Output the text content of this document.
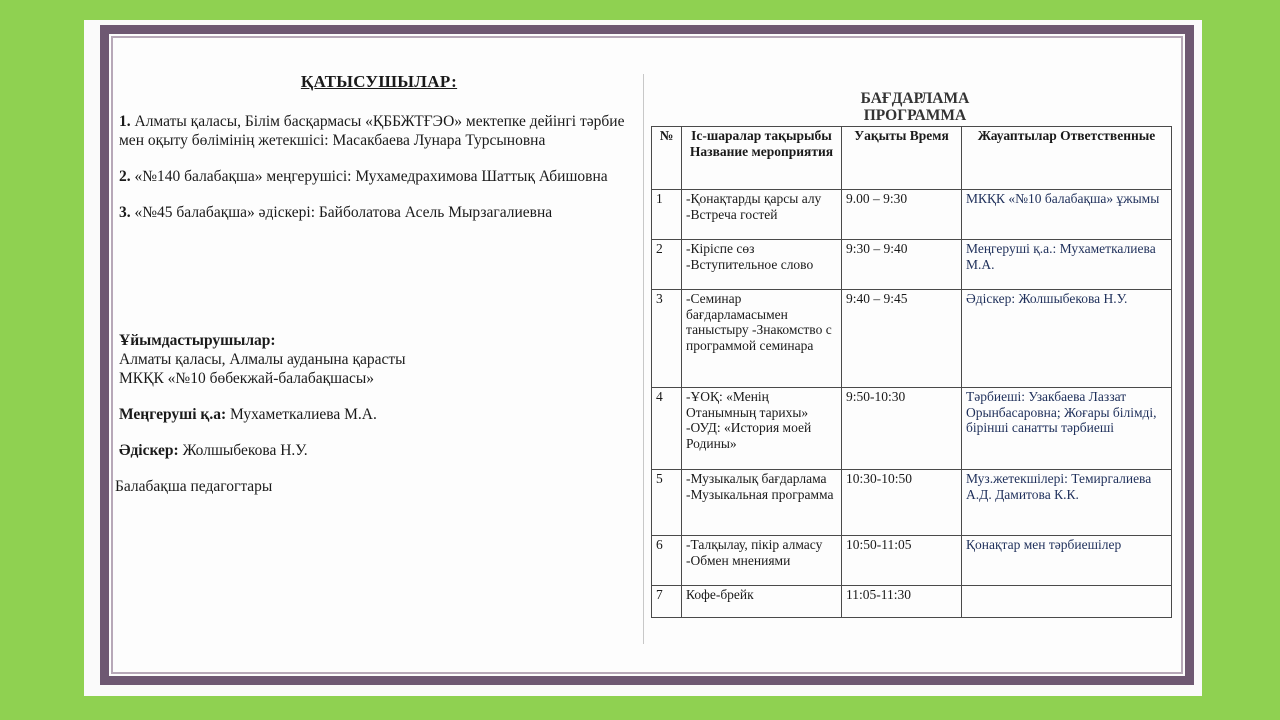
ҚАТЫСУШЫЛАР:

1. Алматы қаласы, Білім басқармасы «ҚББЖТҒЭО» мектепке дейінгі тәрбие мен оқыту бөлімінің жетекшісі: Масакбаева Лунара Турсыновна

2. «№140 балабақша» меңгерушісі: Мухамедрахимова Шаттық Абишовна

3. «№45 балабақша» әдіскері: Байболатова Асель Мырзагалиевна

Ұйымдастырушылар:
Алматы қаласы, Алмалы ауданына қарасты
МКҚК «№10 бөбекжай-балабақшасы»
Меңгеруші қ.а: Мухаметкалиева М.А.
Әдіскер: Жолшыбекова Н.У.
Балабақша педагогтары
БАҒДАРЛАМА
ПРОГРАММА
№	Іс-шаралар тақырыбы Название мероприятия	Уақыты Время	Жауаптылар Ответственные
1	-Қонақтарды қарсы алу -Встреча гостей	9.00 – 9:30	МКҚК «№10 балабақша» ұжымы
2	-Кіріспе сөз -Вступительное слово	9:30 – 9:40	Меңгеруші қ.а.: Мухаметкалиева М.А.
3	-Семинар бағдарламасымен таныстыру -Знакомство с программой семинара	9:40 – 9:45	Әдіскер: Жолшыбекова Н.У.
4	-ҰОҚ: «Менің Отанымның тарихы» -ОУД: «История моей Родины»	9:50-10:30	Тәрбиеші: Узакбаева Лаззат Орынбасаровна; Жоғары білімді, бірінші санатты тәрбиеші
5	-Музыкалық бағдарлама -Музыкальная программа	10:30-10:50	Муз.жетекшілері: Темиргалиева А.Д. Дамитова К.К.
6	-Талқылау, пікір алмасу -Обмен мнениями	10:50-11:05	Қонақтар мен тәрбиешілер
7	Кофе-брейк	11:05-11:30	
